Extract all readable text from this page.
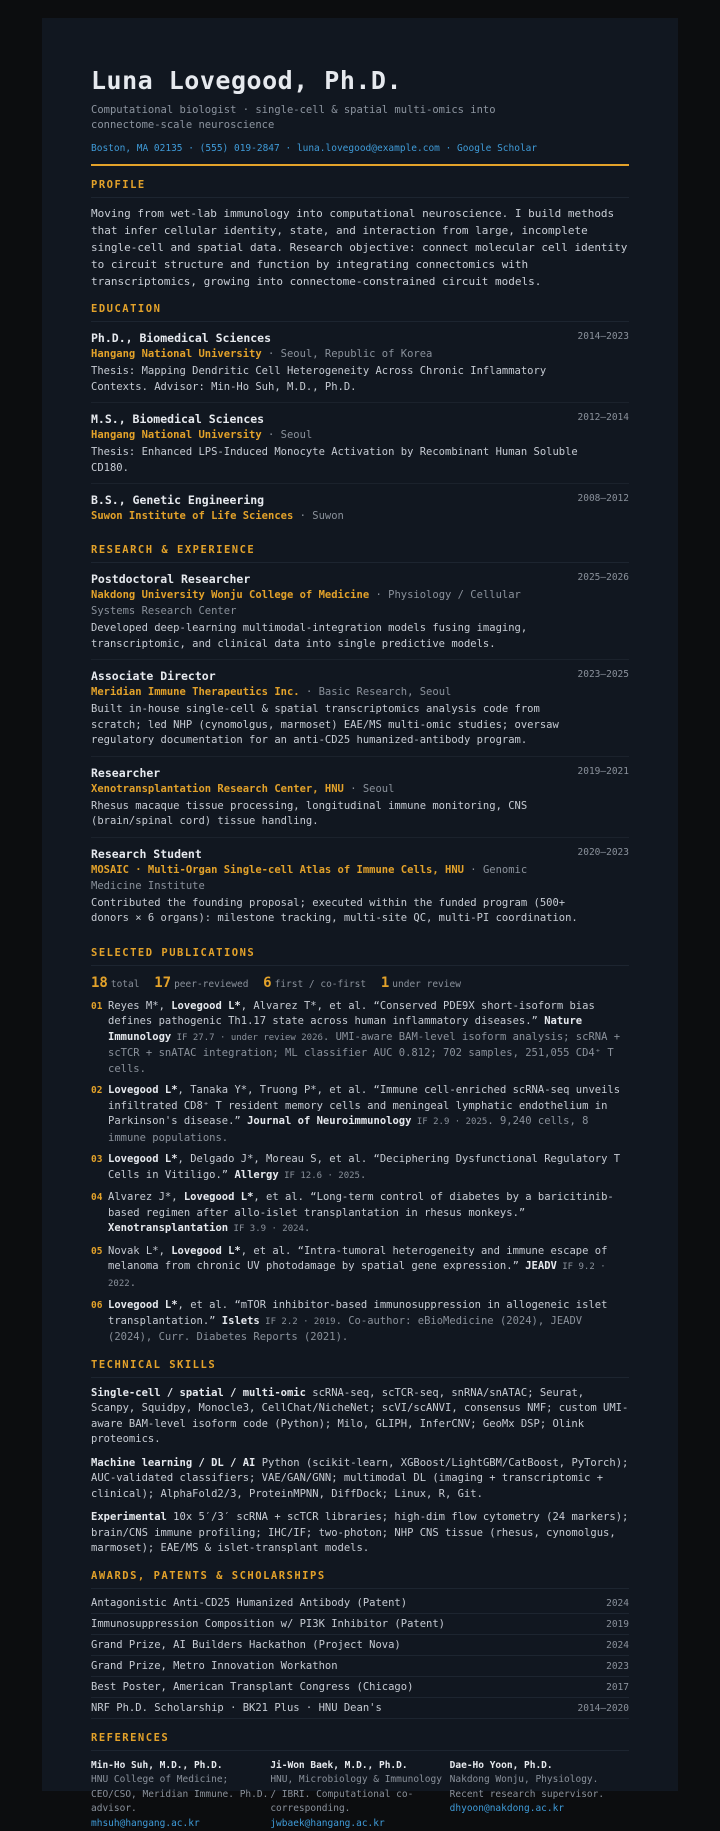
Luna Lovegood, Ph.D.
Computational biologist · single-cell & spatial multi-omics into connectome-scale neuroscience
Boston, MA 02135 · (555) 019-2847 · luna.lovegood@example.com · Google Scholar
PROFILE
Moving from wet-lab immunology into computational neuroscience. I build methods that infer cellular identity, state, and interaction from large, incomplete single-cell and spatial data. Research objective: connect molecular cell identity to circuit structure and function by integrating connectomics with transcriptomics, growing into connectome-constrained circuit models.
EDUCATION
Ph.D., Biomedical Sciences	2014–2023
Hangang National University · Seoul, Republic of Korea
Thesis: Mapping Dendritic Cell Heterogeneity Across Chronic Inflammatory Contexts. Advisor: Min-Ho Suh, M.D., Ph.D.
M.S., Biomedical Sciences	2012–2014
Hangang National University · Seoul
Thesis: Enhanced LPS-Induced Monocyte Activation by Recombinant Human Soluble CD180.
B.S., Genetic Engineering	2008–2012
Suwon Institute of Life Sciences · Suwon
RESEARCH & EXPERIENCE
Postdoctoral Researcher	2025–2026
Nakdong University Wonju College of Medicine · Physiology / Cellular Systems Research Center
Developed deep-learning multimodal-integration models fusing imaging, transcriptomic, and clinical data into single predictive models.
Associate Director	2023–2025
Meridian Immune Therapeutics Inc. · Basic Research, Seoul
Built in-house single-cell & spatial transcriptomics analysis code from scratch; led NHP (cynomolgus, marmoset) EAE/MS multi-omic studies; oversaw regulatory documentation for an anti-CD25 humanized-antibody program.
Researcher	2019–2021
Xenotransplantation Research Center, HNU · Seoul
Rhesus macaque tissue processing, longitudinal immune monitoring, CNS (brain/spinal cord) tissue handling.
Research Student	2020–2023
MOSAIC · Multi-Organ Single-cell Atlas of Immune Cells, HNU · Genomic Medicine Institute
Contributed the founding proposal; executed within the funded program (500+ donors × 6 organs): milestone tracking, multi-site QC, multi-PI coordination.
SELECTED PUBLICATIONS
18 total 17 peer-reviewed 6 first / co-first 1 under review
01 Reyes M*, Lovegood L*, Alvarez T*, et al. “Conserved PDE9X short-isoform bias defines pathogenic Th1.17 state across human inflammatory diseases.” Nature Immunology IF 27.7 · under review 2026. UMI-aware BAM-level isoform analysis; scRNA + scTCR + snATAC integration; ML classifier AUC 0.812; 702 samples, 251,055 CD4⁺ T cells.
02 Lovegood L*, Tanaka Y*, Truong P*, et al. “Immune cell-enriched scRNA-seq unveils infiltrated CD8⁺ T resident memory cells and meningeal lymphatic endothelium in Parkinson's disease.” Journal of Neuroimmunology IF 2.9 · 2025. 9,240 cells, 8 immune populations.
03 Lovegood L*, Delgado J*, Moreau S, et al. “Deciphering Dysfunctional Regulatory T Cells in Vitiligo.” Allergy IF 12.6 · 2025.
04 Alvarez J*, Lovegood L*, et al. “Long-term control of diabetes by a baricitinib-based regimen after allo-islet transplantation in rhesus monkeys.” Xenotransplantation IF 3.9 · 2024.
05 Novak L*, Lovegood L*, et al. “Intra-tumoral heterogeneity and immune escape of melanoma from chronic UV photodamage by spatial gene expression.” JEADV IF 9.2 · 2022.
06 Lovegood L*, et al. “mTOR inhibitor-based immunosuppression in allogeneic islet transplantation.” Islets IF 2.2 · 2019. Co-author: eBioMedicine (2024), JEADV (2024), Curr. Diabetes Reports (2021).
TECHNICAL SKILLS
Single-cell / spatial / multi-omic scRNA-seq, scTCR-seq, snRNA/snATAC; Seurat, Scanpy, Squidpy, Monocle3, CellChat/NicheNet; scVI/scANVI, consensus NMF; custom UMI-aware BAM-level isoform code (Python); Milo, GLIPH, InferCNV; GeoMx DSP; Olink proteomics.
Machine learning / DL / AI Python (scikit-learn, XGBoost/LightGBM/CatBoost, PyTorch); AUC-validated classifiers; VAE/GAN/GNN; multimodal DL (imaging + transcriptomic + clinical); AlphaFold2/3, ProteinMPNN, DiffDock; Linux, R, Git.
Experimental 10x 5′/3′ scRNA + scTCR libraries; high-dim flow cytometry (24 markers); brain/CNS immune profiling; IHC/IF; two-photon; NHP CNS tissue (rhesus, cynomolgus, marmoset); EAE/MS & islet-transplant models.
AWARDS, PATENTS & SCHOLARSHIPS
Antagonistic Anti-CD25 Humanized Antibody (Patent)	2024
Immunosuppression Composition w/ PI3K Inhibitor (Patent)	2019
Grand Prize, AI Builders Hackathon (Project Nova)	2024
Grand Prize, Metro Innovation Workathon	2023
Best Poster, American Transplant Congress (Chicago)	2017
NRF Ph.D. Scholarship · BK21 Plus · HNU Dean's	2014–2020
REFERENCES
Min-Ho Suh, M.D., Ph.D.
HNU College of Medicine; CEO/CSO, Meridian Immune. Ph.D. advisor.
mhsuh@hangang.ac.kr
Ji-Won Baek, M.D., Ph.D.
HNU, Microbiology & Immunology / IBRI. Computational co-corresponding.
jwbaek@hangang.ac.kr
Dae-Ho Yoon, Ph.D.
Nakdong Wonju, Physiology. Recent research supervisor.
dhyoon@nakdong.ac.kr
